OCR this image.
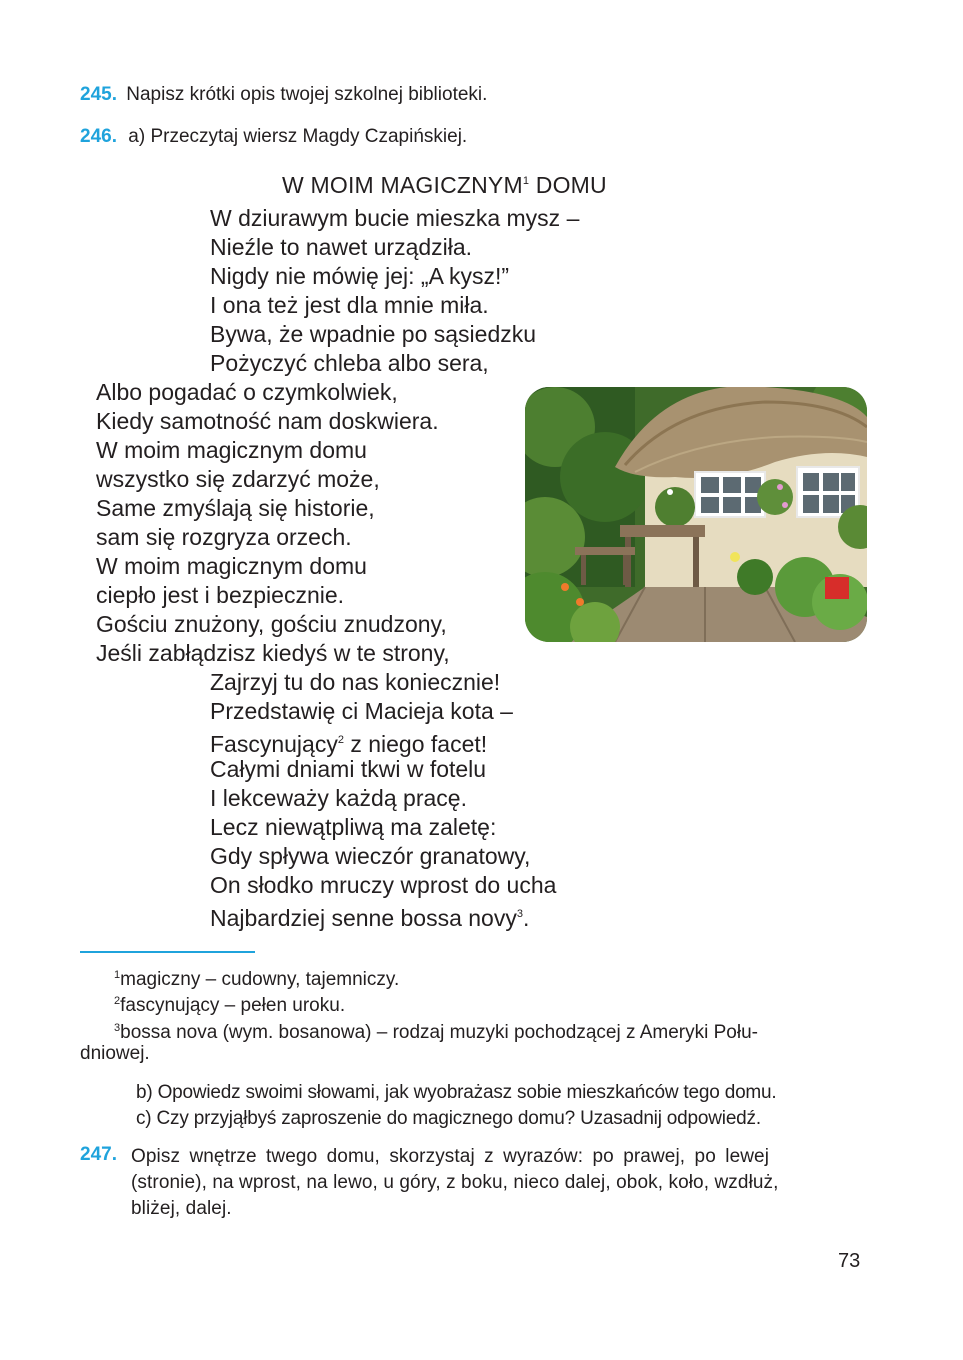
245. Napisz krótki opis twojej szkolnej biblioteki.
246. a) Przeczytaj wiersz Magdy Czapińskiej.
W MOIM MAGICZNYM$^1$ DOMU
W dziurawym bucie mieszka mysz –
Nieźle to nawet urządziła.
Nigdy nie mówię jej: „A kysz!”
I ona też jest dla mnie miła.
Bywa, że wpadnie po sąsiedzku
Pożyczyć chleba albo sera,
Albo pogadać o czymkolwiek,
Kiedy samotność nam doskwiera.
W moim magicznym domu
wszystko się zdarzyć może,
Same zmyślają się historie,
sam się rozgryza orzech.
W moim magicznym domu
ciepło jest i bezpiecznie.
Gościu znużony, gościu znudzony,
Jeśli zabłądzisz kiedyś w te strony,
Zajrzyj tu do nas koniecznie!
Przedstawię ci Macieja kota –
Fascynujący$^2$ z niego facet!
Całymi dniami tkwi w fotelu
I lekceważy każdą pracę.
Lecz niewątpliwą ma zaletę:
Gdy spływa wieczór granatowy,
On słodko mruczy wprost do ucha
Najbardziej senne bossa novy$^3$.
$^1$magiczny – cudowny, tajemniczy.
$^2$fascynujący – pełen uroku.
$^3$bossa nova (wym. bosanowa) – rodzaj muzyki pochodzącej z Ameryki Połu-
dniowej.
b) Opowiedz swoimi słowami, jak wyobrażasz sobie mieszkańców tego domu.
c) Czy przyjąłbyś zaproszenie do magicznego domu? Uzasadnij odpowiedź.
247. Opisz wnętrze twego domu, skorzystaj z wyrazów: po prawej, po lewej
(stronie), na wprost, na lewo, u góry, z boku, nieco dalej, obok, koło, wzdłuż,
bliżej, dalej.
73
